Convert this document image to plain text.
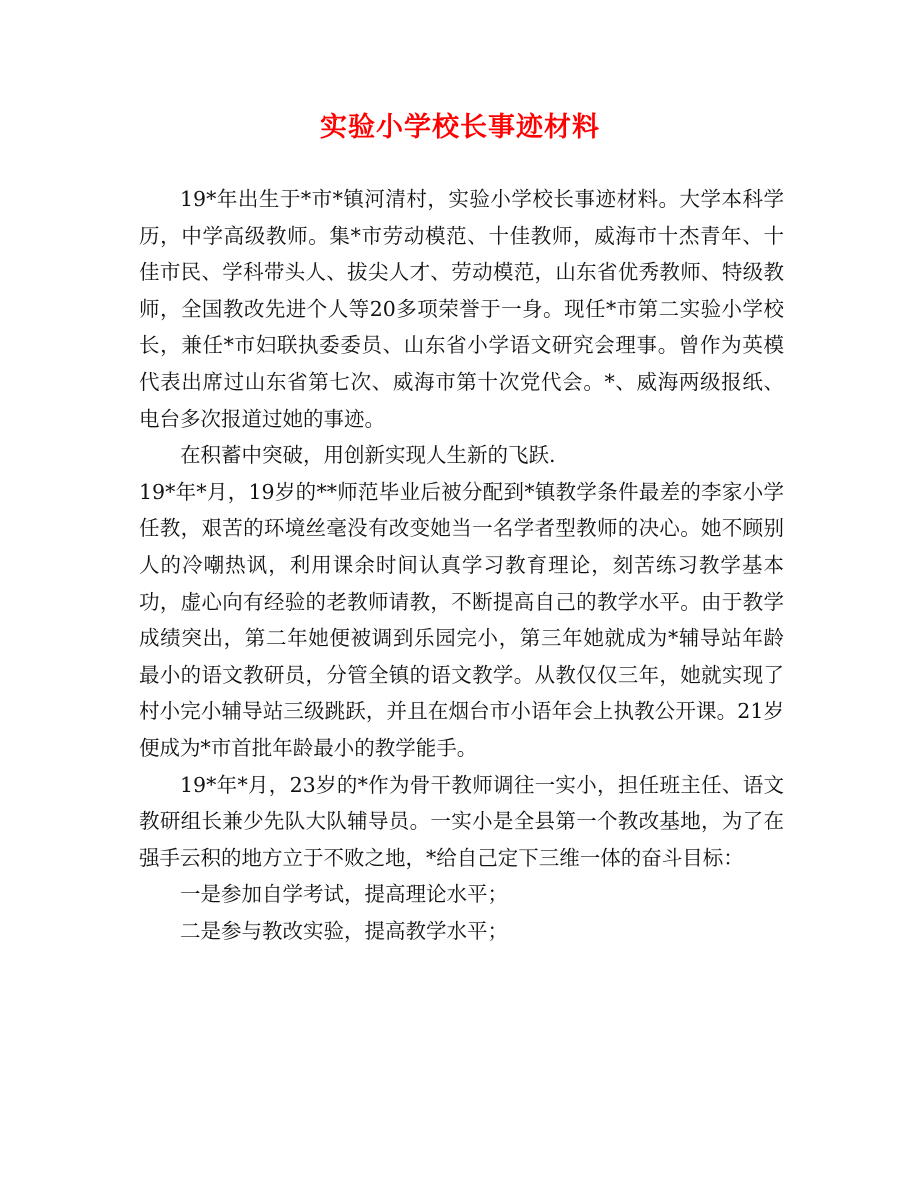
实验小学校长事迹材料

19*年出生于*市*镇河清村，实验小学校长事迹材料。大学本科学历，中学高级教师。集*市劳动模范、十佳教师，威海市十杰青年、十佳市民、学科带头人、拔尖人才、劳动模范，山东省优秀教师、特级教师，全国教改先进个人等20多项荣誉于一身。现任*市第二实验小学校长，兼任*市妇联执委委员、山东省小学语文研究会理事。曾作为英模代表出席过山东省第七次、威海市第十次党代会。*、威海两级报纸、电台多次报道过她的事迹。

在积蓄中突破，用创新实现人生新的飞跃.

19*年*月，19岁的**师范毕业后被分配到*镇教学条件最差的李家小学任教，艰苦的环境丝毫没有改变她当一名学者型教师的决心。她不顾别人的冷嘲热讽，利用课余时间认真学习教育理论，刻苦练习教学基本功，虚心向有经验的老教师请教，不断提高自己的教学水平。由于教学成绩突出，第二年她便被调到乐园完小，第三年她就成为*辅导站年龄最小的语文教研员，分管全镇的语文教学。从教仅仅三年，她就实现了村小完小辅导站三级跳跃，并且在烟台市小语年会上执教公开课。21岁便成为*市首批年龄最小的教学能手。

19*年*月，23岁的*作为骨干教师调往一实小，担任班主任、语文教研组长兼少先队大队辅导员。一实小是全县第一个教改基地，为了在强手云积的地方立于不败之地，*给自己定下三维一体的奋斗目标：

一是参加自学考试，提高理论水平；

二是参与教改实验，提高教学水平；
